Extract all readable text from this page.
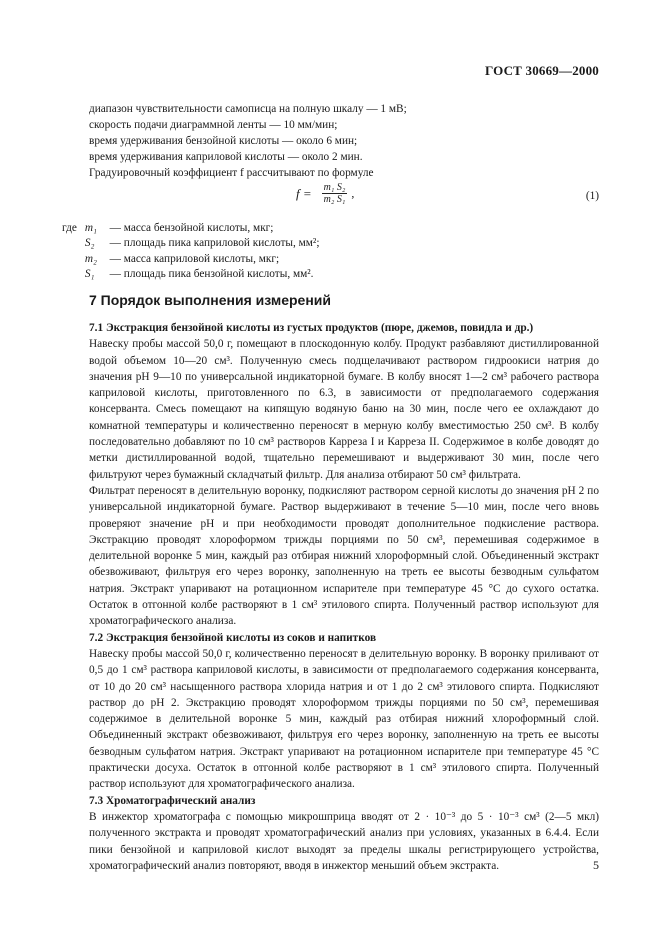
ГОСТ 30669—2000
диапазон чувствительности самописца на полную шкалу — 1 мВ;
скорость подачи диаграммной ленты — 10 мм/мин;
время удерживания бензойной кислоты — около 6 мин;
время удерживания каприловой кислоты — около 2 мин.
Градуировочный коэффициент f рассчитывают по формуле
$f = \frac{\text{m₁ S₂}}{\text{m₂ S₁}}$ ,	(1)
где m₁ — масса бензойной кислоты, мкг;
S₂ — площадь пика каприловой кислоты, мм²;
m₂ — масса каприловой кислоты, мкг;
S₁ — площадь пика бензойной кислоты, мм².
7 Порядок выполнения измерений

7.1 Экстракция бензойной кислоты из густых продуктов (пюре, джемов, повидла и др.)

Навеску пробы массой 50,0 г, помещают в плоскодонную колбу. Продукт разбавляют дистиллированной водой объемом 10—20 см³. Полученную смесь подщелачивают раствором гидроокиси натрия до значения pH 9—10 по универсальной индикаторной бумаге. В колбу вносят 1—2 см³ рабочего раствора каприловой кислоты, приготовленного по 6.3, в зависимости от предполагаемого содержания консерванта. Смесь помещают на кипящую водяную баню на 30 мин, после чего ее охлаждают до комнатной температуры и количественно переносят в мерную колбу вместимостью 250 см³. В колбу последовательно добавляют по 10 см³ растворов Карреза I и Карреза II. Содержимое в колбе доводят до метки дистиллированной водой, тщательно перемешивают и выдерживают 30 мин, после чего фильтруют через бумажный складчатый фильтр. Для анализа отбирают 50 см³ фильтрата.

Фильтрат переносят в делительную воронку, подкисляют раствором серной кислоты до значения pH 2 по универсальной индикаторной бумаге. Раствор выдерживают в течение 5—10 мин, после чего вновь проверяют значение pH и при необходимости проводят дополнительное подкисление раствора. Экстракцию проводят хлороформом трижды порциями по 50 см³, перемешивая содержимое в делительной воронке 5 мин, каждый раз отбирая нижний хлороформный слой. Объединенный экстракт обезвоживают, фильтруя его через воронку, заполненную на треть ее высоты безводным сульфатом натрия. Экстракт упаривают на ротационном испарителе при температуре 45 °С до сухого остатка. Остаток в отгонной колбе растворяют в 1 см³ этилового спирта. Полученный раствор используют для хроматографического анализа.

7.2 Экстракция бензойной кислоты из соков и напитков

Навеску пробы массой 50,0 г, количественно переносят в делительную воронку. В воронку приливают от 0,5 до 1 см³ раствора каприловой кислоты, в зависимости от предполагаемого содержания консерванта, от 10 до 20 см³ насыщенного раствора хлорида натрия и от 1 до 2 см³ этилового спирта. Подкисляют раствор до pH 2. Экстракцию проводят хлороформом трижды порциями по 50 см³, перемешивая содержимое в делительной воронке 5 мин, каждый раз отбирая нижний хлороформный слой. Объединенный экстракт обезвоживают, фильтруя его через воронку, заполненную на треть ее высоты безводным сульфатом натрия. Экстракт упаривают на ротационном испарителе при температуре 45 °С практически досуха. Остаток в отгонной колбе растворяют в 1 см³ этилового спирта. Полученный раствор используют для хроматографического анализа.

7.3 Хроматографический анализ

В инжектор хроматографа с помощью микрошприца вводят от 2 · 10⁻³ до 5 · 10⁻³ см³ (2—5 мкл) полученного экстракта и проводят хроматографический анализ при условиях, указанных в 6.4.4. Если пики бензойной и каприловой кислот выходят за пределы шкалы регистрирующего устройства, хроматографический анализ повторяют, вводя в инжектор меньший объем экстракта.	5
